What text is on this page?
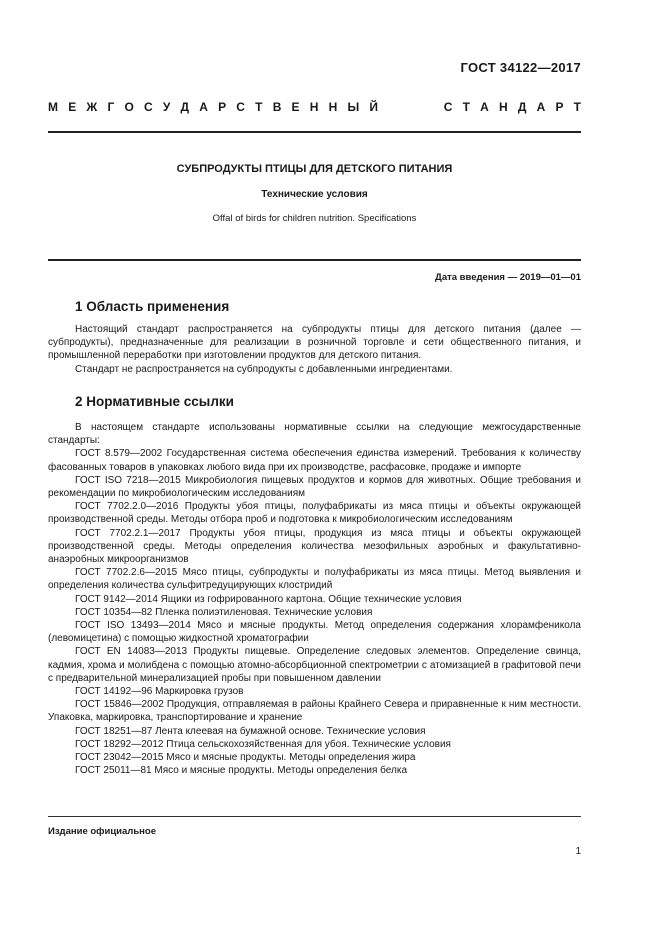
ГОСТ 34122—2017
М Е Ж Г О С У Д А Р С Т В Е Н Н Ы Й	С Т А Н Д А Р Т
СУБПРОДУКТЫ ПТИЦЫ ДЛЯ ДЕТСКОГО ПИТАНИЯ
Технические условия
Offal of birds for children nutrition. Specifications
Дата введения — 2019—01—01
1 Область применения

Настоящий стандарт распространяется на субпродукты птицы для детского питания (далее — субпродукты), предназначенные для реализации в розничной торговле и сети общественного питания, и промышленной переработки при изготовлении продуктов для детского питания.

Стандарт не распространяется на субпродукты с добавленными ингредиентами.

2 Нормативные ссылки

В настоящем стандарте использованы нормативные ссылки на следующие межгосударственные стандарты:

ГОСТ 8.579—2002 Государственная система обеспечения единства измерений. Требования к количеству фасованных товаров в упаковках любого вида при их производстве, расфасовке, продаже и импорте

ГОСТ ISO 7218—2015 Микробиология пищевых продуктов и кормов для животных. Общие требования и рекомендации по микробиологическим исследованиям

ГОСТ 7702.2.0—2016 Продукты убоя птицы, полуфабрикаты из мяса птицы и объекты окружающей производственной среды. Методы отбора проб и подготовка к микробиологическим исследованиям

ГОСТ 7702.2.1—2017 Продукты убоя птицы, продукция из мяса птицы и объекты окружающей производственной среды. Методы определения количества мезофильных аэробных и факультативно-анаэробных микроорганизмов

ГОСТ 7702.2.6—2015 Мясо птицы, субпродукты и полуфабрикаты из мяса птицы. Метод выявления и определения количества сульфитредуцирующих клостридий

ГОСТ 9142—2014 Ящики из гофрированного картона. Общие технические условия

ГОСТ 10354—82 Пленка полиэтиленовая. Технические условия

ГОСТ ISO 13493—2014 Мясо и мясные продукты. Метод определения содержания хлорамфеникола (левомицетина) с помощью жидкостной хроматографии

ГОСТ EN 14083—2013 Продукты пищевые. Определение следовых элементов. Определение свинца, кадмия, хрома и молибдена с помощью атомно-абсорбционной спектрометрии с атомизацией в графитовой печи с предварительной минерализацией пробы при повышенном давлении

ГОСТ 14192—96 Маркировка грузов

ГОСТ 15846—2002 Продукция, отправляемая в районы Крайнего Севера и приравненные к ним местности. Упаковка, маркировка, транспортирование и хранение

ГОСТ 18251—87 Лента клеевая на бумажной основе. Технические условия

ГОСТ 18292—2012 Птица сельскохозяйственная для убоя. Технические условия

ГОСТ 23042—2015 Мясо и мясные продукты. Методы определения жира

ГОСТ 25011—81 Мясо и мясные продукты. Методы определения белка

Издание официальное
1
